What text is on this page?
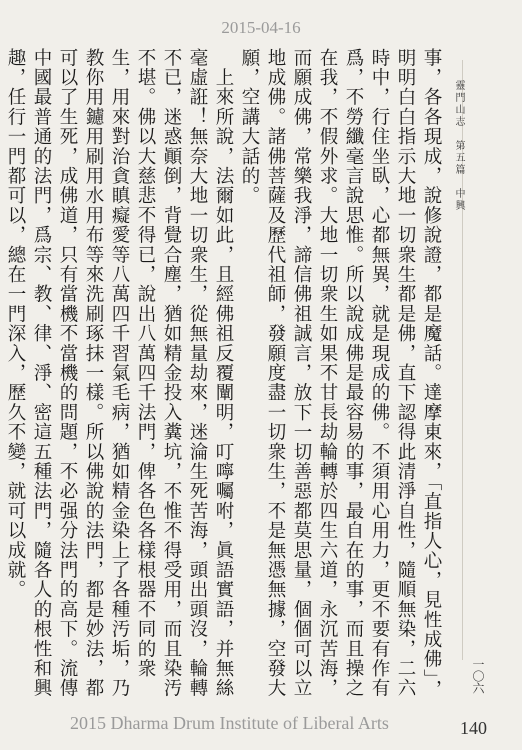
2015-04-16
靈門山志　第五篇　中興
事，各各現成，說修說證，都是魔話。達摩東來，「直指人心，見性成佛」，明明白白指示大地一切衆生都是佛，直下認得此清淨自性，隨順無染，二六時中，行住坐臥，心都無異，就是現成的佛。不須用心用力，更不要有作有爲，不勞纖毫言說思惟。所以說成佛是最容易的事，最自在的事，而且操之在我，不假外求。大地一切衆生如果不甘長劫輪轉於四生六道，永沉苦海，而願成佛，常樂我淨，諦信佛祖誠言，放下一切善惡都莫思量，個個可以立地成佛。諸佛菩薩及歷代祖師，發願度盡一切衆生，不是無憑無據，空發大願，空講大話的。
　上來所說，法爾如此，且經佛祖反覆闡明，叮嚀囑咐，眞語實語，并無絲毫虛誑！無奈大地一切衆生，從無量劫來，迷淪生死苦海，頭出頭沒，輪轉不已，迷惑顚倒，背覺合塵，猶如精金投入糞坑，不惟不得受用，而且染汚不堪。佛以大慈悲不得已，說出八萬四千法門，俾各色各樣根器不同的衆生，用來對治貪瞋癡愛等八萬四千習氣毛病，猶如精金染上了各種汚垢，乃教你用鑢用刷用水用布等來洗刷琢抹一樣。所以佛說的法門，都是妙法，都可以了生死，成佛道，只有當機不當機的問題，不必强分法門的高下。流傳中國最普通的法門，爲宗、教、律、淨、密這五種法門，隨各人的根性和興趣，任行一門都可以，總在一門深入，歷久不變，就可以成就。
一〇六
2015 Dharma Drum Institute of Liberal Arts	140
